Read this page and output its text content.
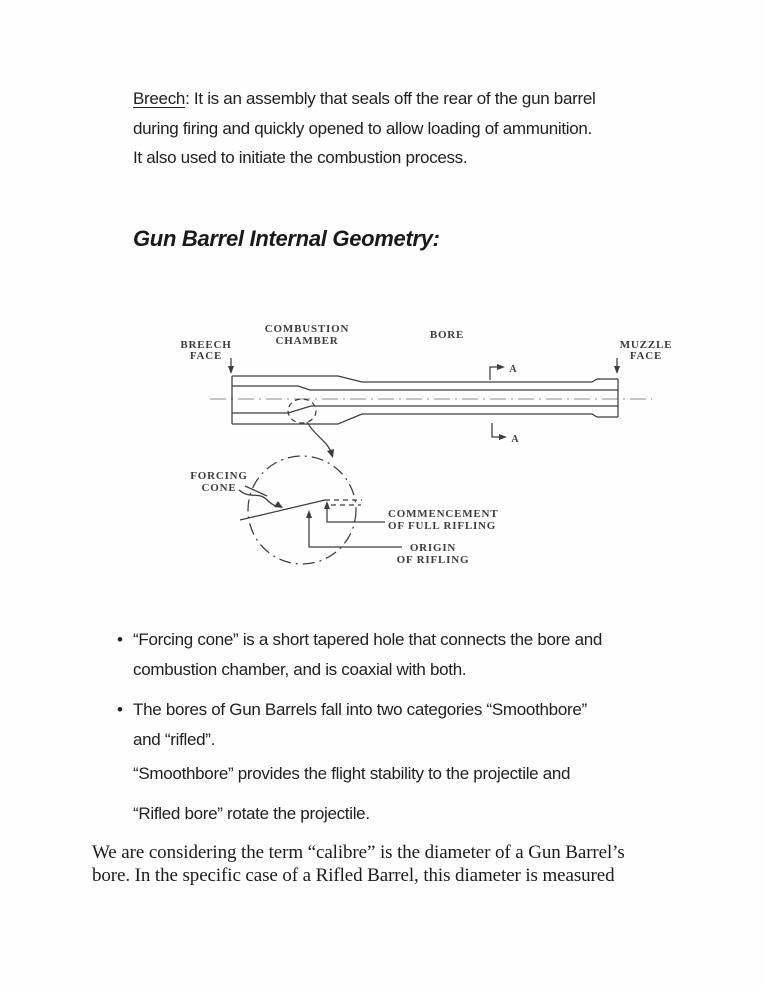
Breech: It is an assembly that seals off the rear of the gun barrel
during firing and quickly opened to allow loading of ammunition.
It also used to initiate the combustion process.
Gun Barrel Internal Geometry:
BREECH
FACE
COMBUSTION
CHAMBER	BORE
MUZZLE
FACE
A
A
FORCING
CONE
COMMENCEMENT
OF FULL RIFLING
ORIGIN
OF RIFLING
• “Forcing cone” is a short tapered hole that connects the bore and
combustion chamber, and is coaxial with both.
• The bores of Gun Barrels fall into two categories “Smoothbore”
and “rifled”.
“Smoothbore” provides the flight stability to the projectile and
“Rifled bore” rotate the projectile.
We are considering the term “calibre” is the diameter of a Gun Barrel’s
bore. In the specific case of a Rifled Barrel, this diameter is measured
